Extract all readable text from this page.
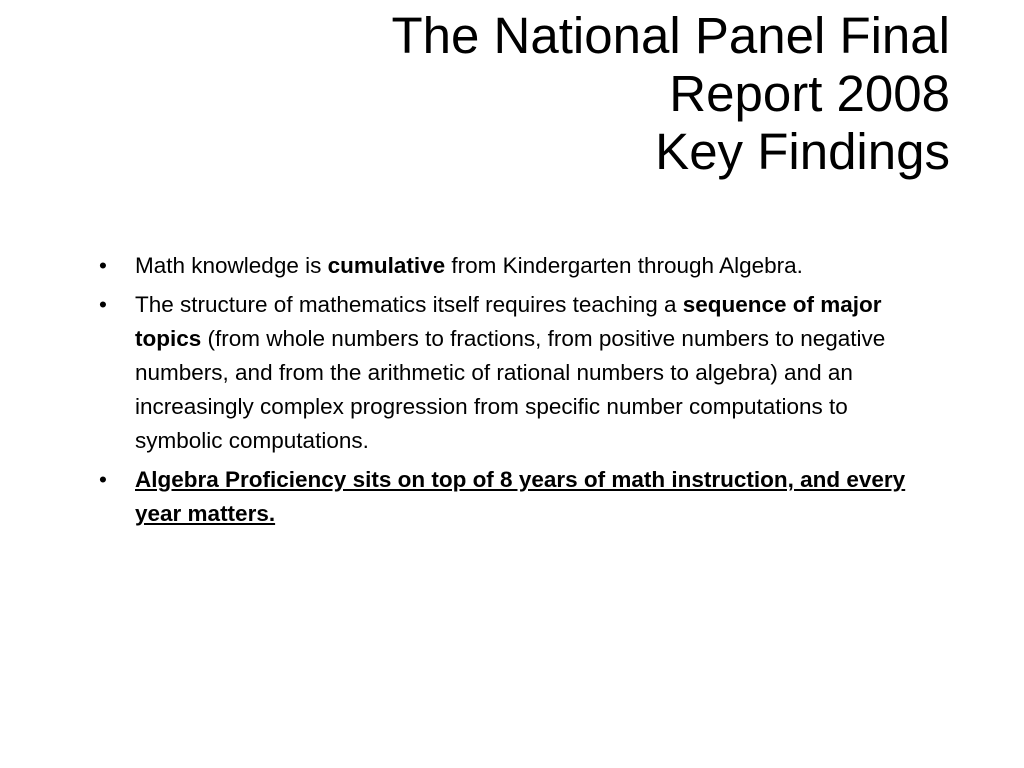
The National Panel Final
Report 2008
Key Findings
• Math knowledge is cumulative from Kindergarten through Algebra.
• The structure of mathematics itself requires teaching a sequence of major topics (from whole numbers to fractions, from positive numbers to negative numbers, and from the arithmetic of rational numbers to algebra) and an increasingly complex progression from specific number computations to symbolic computations.
• Algebra Proficiency sits on top of 8 years of math instruction, and every year matters.
